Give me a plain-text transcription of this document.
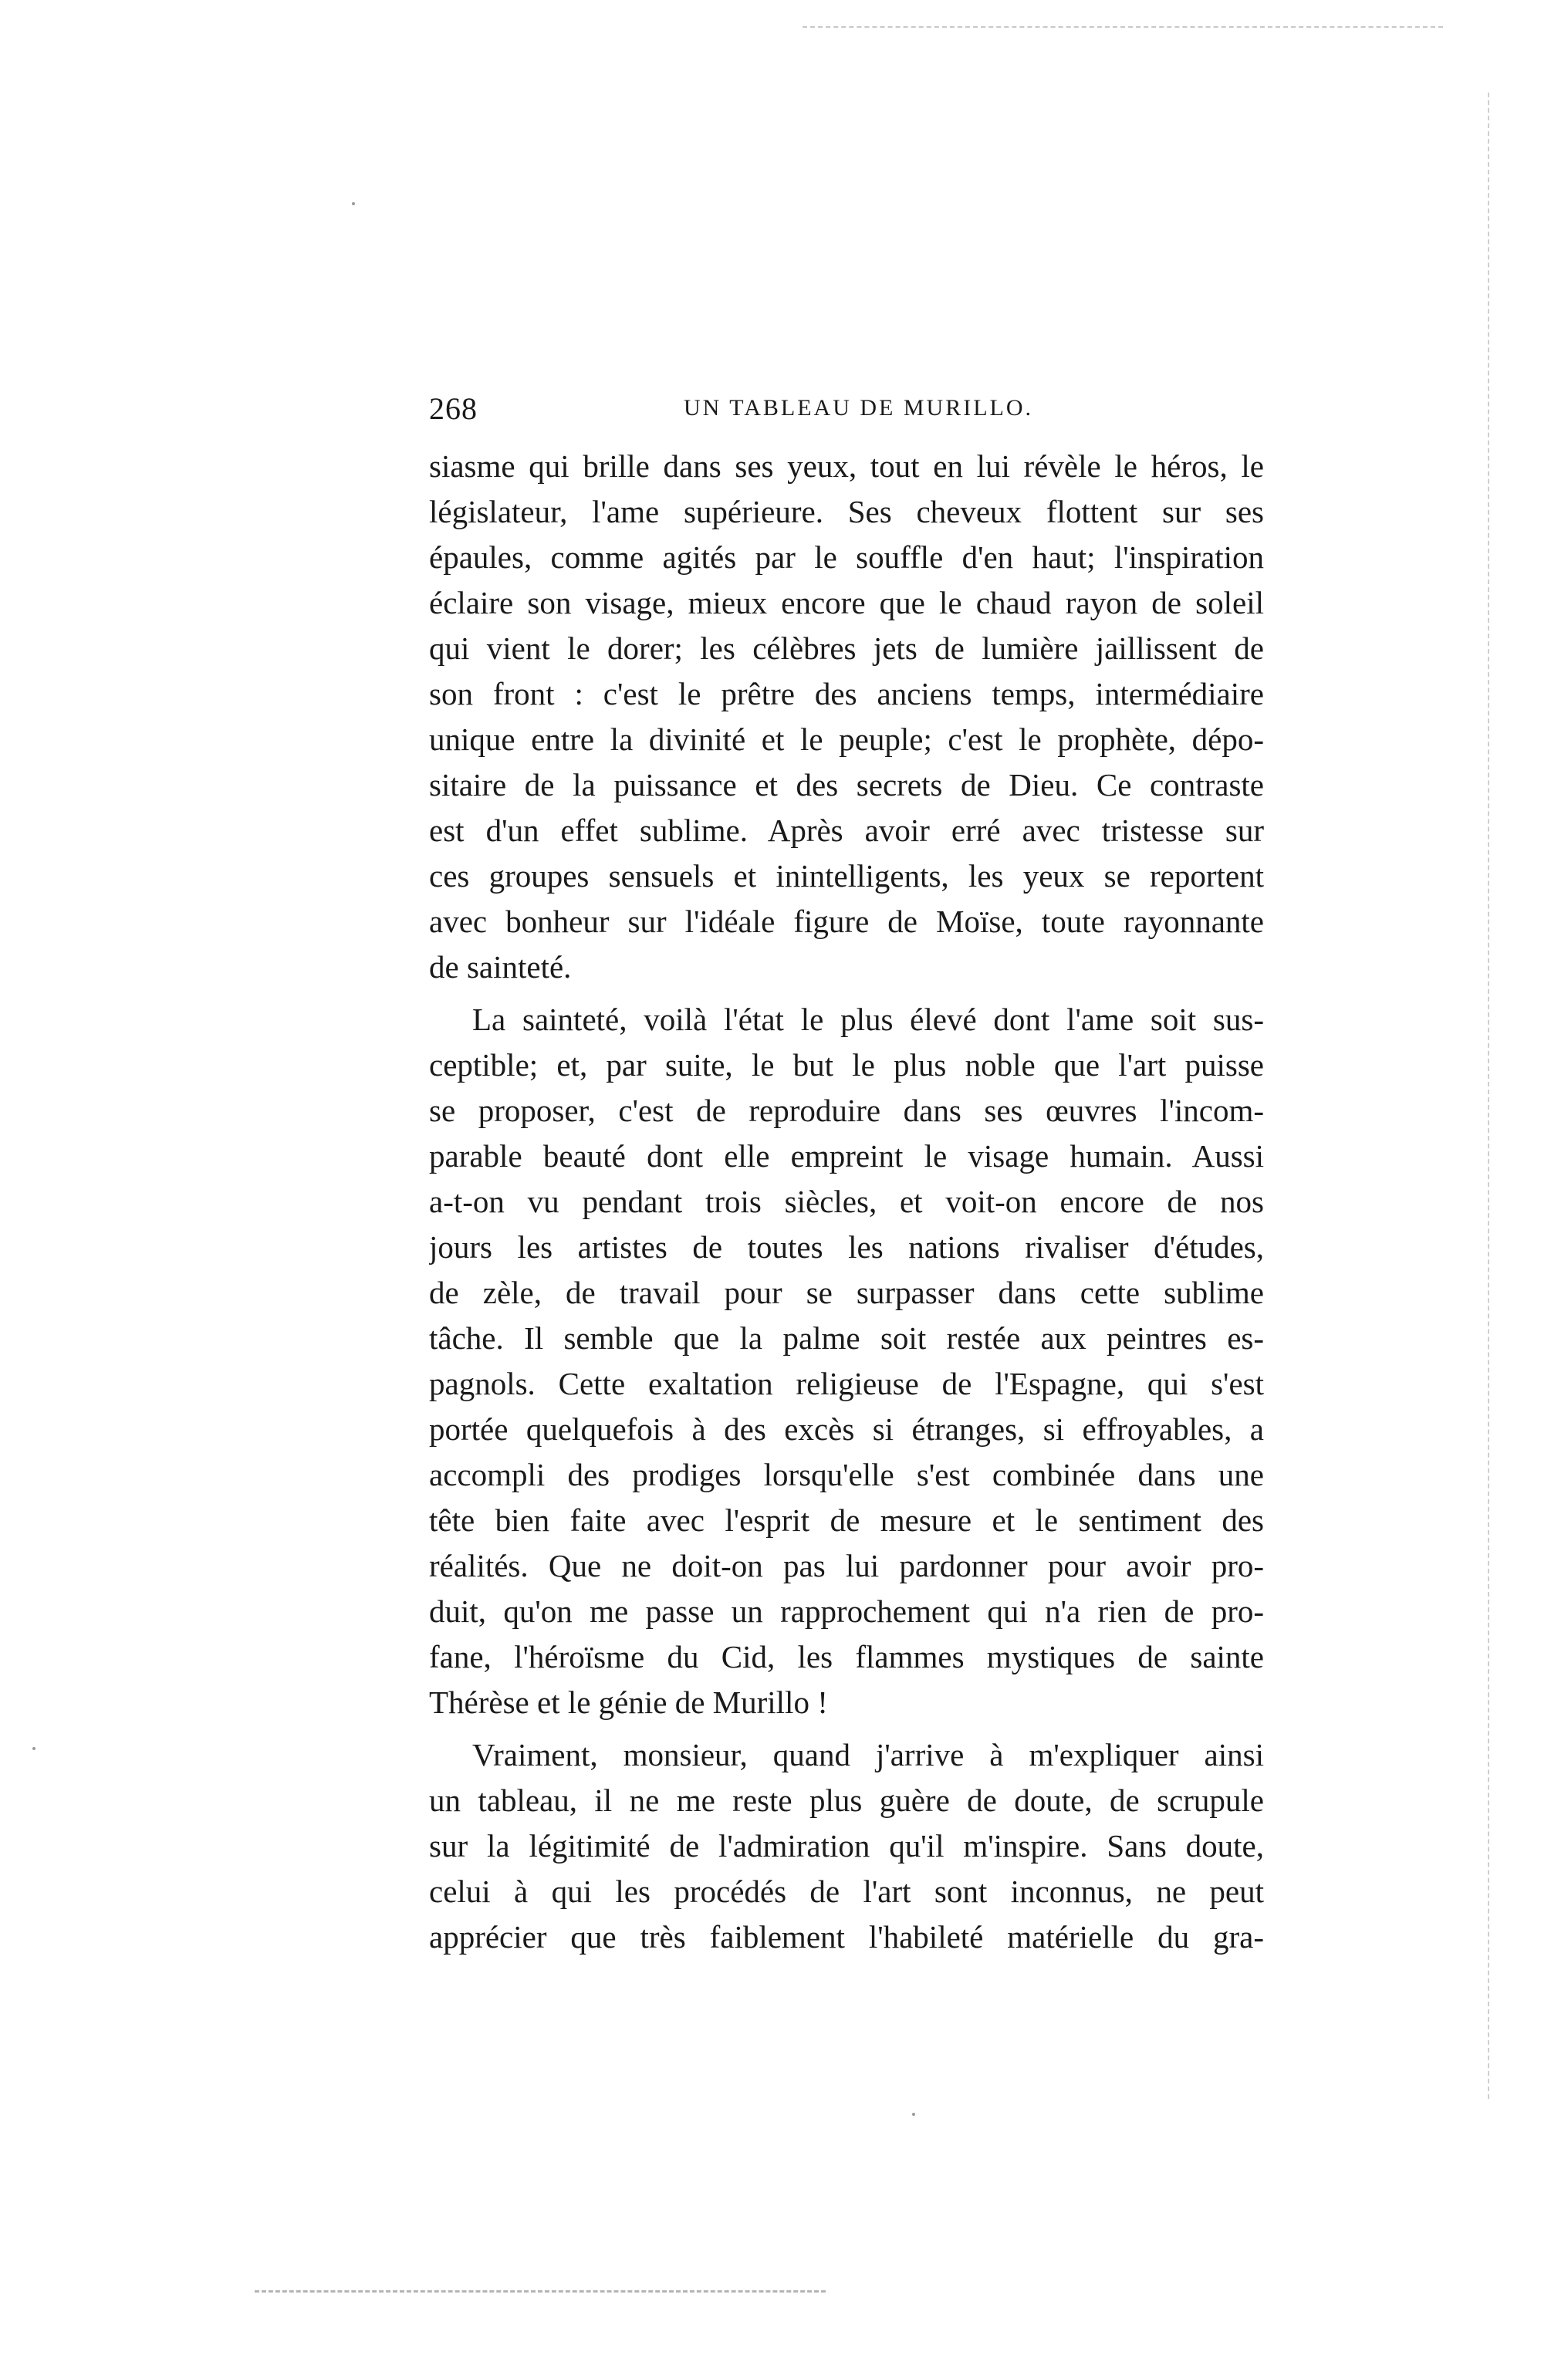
268	UN TABLEAU DE MURILLO.
siasme qui brille dans ses yeux, tout en lui révèle le héros, le
législateur, l'ame supérieure. Ses cheveux flottent sur ses
épaules, comme agités par le souffle d'en haut; l'inspiration
éclaire son visage, mieux encore que le chaud rayon de soleil
qui vient le dorer; les célèbres jets de lumière jaillissent de
son front : c'est le prêtre des anciens temps, intermédiaire
unique entre la divinité et le peuple; c'est le prophète, dépo-
sitaire de la puissance et des secrets de Dieu. Ce contraste
est d'un effet sublime. Après avoir erré avec tristesse sur
ces groupes sensuels et inintelligents, les yeux se reportent
avec bonheur sur l'idéale figure de Moïse, toute rayonnante
de sainteté.
La sainteté, voilà l'état le plus élevé dont l'ame soit sus-
ceptible; et, par suite, le but le plus noble que l'art puisse
se proposer, c'est de reproduire dans ses œuvres l'incom-
parable beauté dont elle empreint le visage humain. Aussi
a-t-on vu pendant trois siècles, et voit-on encore de nos
jours les artistes de toutes les nations rivaliser d'études,
de zèle, de travail pour se surpasser dans cette sublime
tâche. Il semble que la palme soit restée aux peintres es-
pagnols. Cette exaltation religieuse de l'Espagne, qui s'est
portée quelquefois à des excès si étranges, si effroyables, a
accompli des prodiges lorsqu'elle s'est combinée dans une
tête bien faite avec l'esprit de mesure et le sentiment des
réalités. Que ne doit-on pas lui pardonner pour avoir pro-
duit, qu'on me passe un rapprochement qui n'a rien de pro-
fane, l'héroïsme du Cid, les flammes mystiques de sainte
Thérèse et le génie de Murillo !
Vraiment, monsieur, quand j'arrive à m'expliquer ainsi
un tableau, il ne me reste plus guère de doute, de scrupule
sur la légitimité de l'admiration qu'il m'inspire. Sans doute,
celui à qui les procédés de l'art sont inconnus, ne peut
apprécier que très faiblement l'habileté matérielle du gra-
